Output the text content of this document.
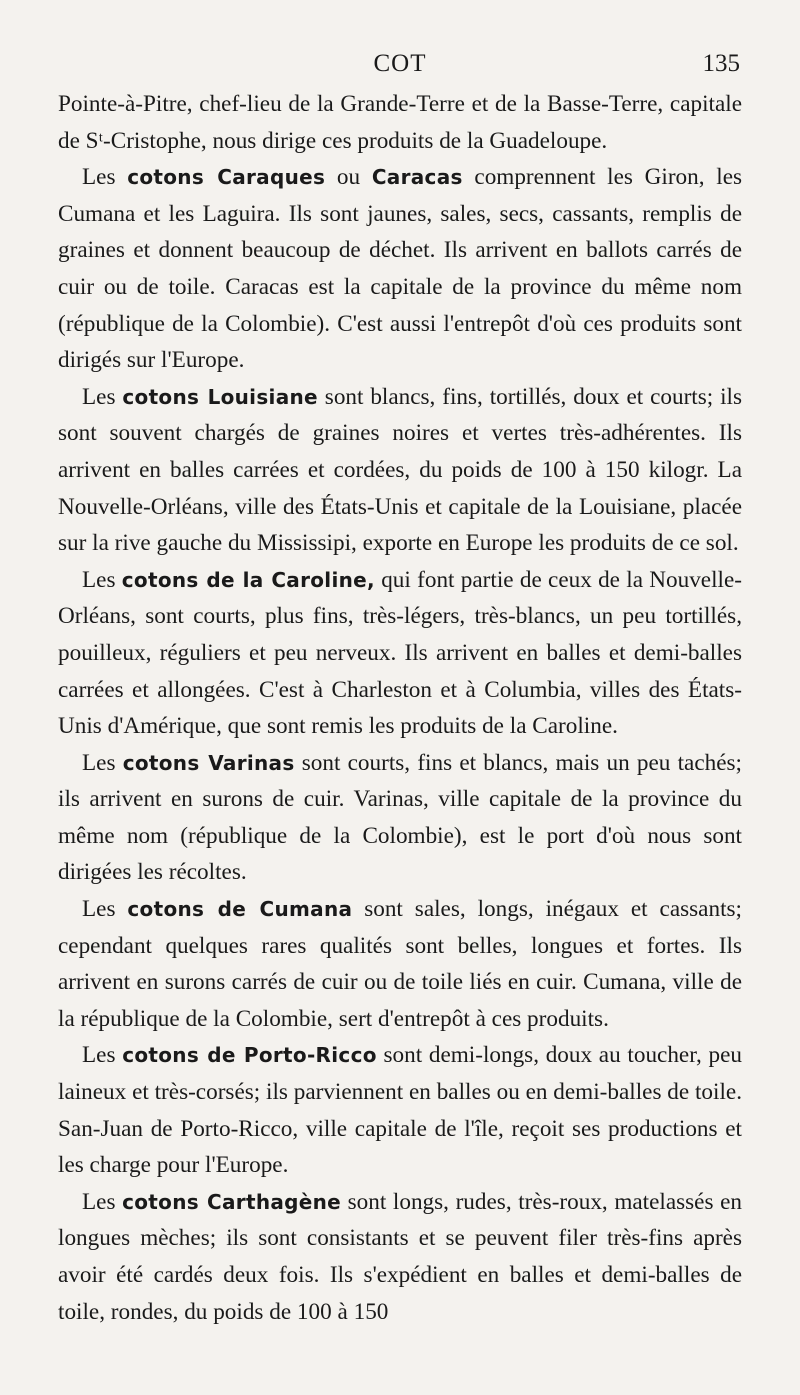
COT	135

Pointe-à-Pitre, chef-lieu de la Grande-Terre et de la Basse-Terre, capitale de Sᵗ-Cristophe, nous dirige ces produits de la Guadeloupe.

Les cotons Caraques ou Caracas comprennent les Giron, les Cumana et les Laguira. Ils sont jaunes, sales, secs, cassants, remplis de graines et donnent beaucoup de déchet. Ils arrivent en ballots carrés de cuir ou de toile. Caracas est la capitale de la province du même nom (république de la Colombie). C'est aussi l'entrepôt d'où ces produits sont dirigés sur l'Europe.

Les cotons Louisiane sont blancs, fins, tortillés, doux et courts; ils sont souvent chargés de graines noires et vertes très-adhérentes. Ils arrivent en balles carrées et cordées, du poids de 100 à 150 kilogr. La Nouvelle-Orléans, ville des États-Unis et capitale de la Louisiane, placée sur la rive gauche du Mississipi, exporte en Europe les produits de ce sol.

Les cotons de la Caroline, qui font partie de ceux de la Nouvelle-Orléans, sont courts, plus fins, très-légers, très-blancs, un peu tortillés, pouilleux, réguliers et peu nerveux. Ils arrivent en balles et demi-balles carrées et allongées. C'est à Charleston et à Columbia, villes des États-Unis d'Amérique, que sont remis les produits de la Caroline.

Les cotons Varinas sont courts, fins et blancs, mais un peu tachés; ils arrivent en surons de cuir. Varinas, ville capitale de la province du même nom (république de la Colombie), est le port d'où nous sont dirigées les récoltes.

Les cotons de Cumana sont sales, longs, inégaux et cassants; cependant quelques rares qualités sont belles, longues et fortes. Ils arrivent en surons carrés de cuir ou de toile liés en cuir. Cumana, ville de la république de la Colombie, sert d'entrepôt à ces produits.

Les cotons de Porto-Ricco sont demi-longs, doux au toucher, peu laineux et très-corsés; ils parviennent en balles ou en demi-balles de toile. San-Juan de Porto-Ricco, ville capitale de l'île, reçoit ses productions et les charge pour l'Europe.

Les cotons Carthagène sont longs, rudes, très-roux, matelassés en longues mèches; ils sont consistants et se peuvent filer très-fins après avoir été cardés deux fois. Ils s'expédient en balles et demi-balles de toile, rondes, du poids de 100 à 150
